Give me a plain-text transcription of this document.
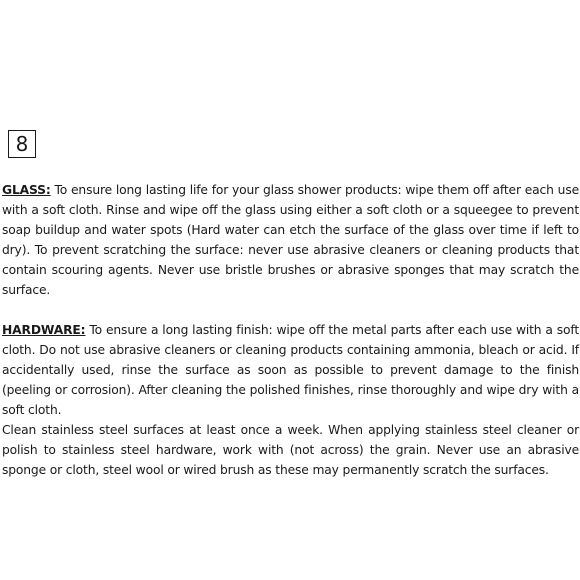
8

GLASS: To ensure long lasting life for your glass shower products: wipe them off after each use with a soft cloth. Rinse and wipe off the glass using either a soft cloth or a squeegee to prevent soap buildup and water spots (Hard water can etch the surface of the glass over time if left to dry). To prevent scratching the surface: never use abrasive cleaners or cleaning products that contain scouring agents. Never use bristle brushes or abrasive sponges that may scratch the surface.

HARDWARE: To ensure a long lasting finish: wipe off the metal parts after each use with a soft cloth. Do not use abrasive cleaners or cleaning products containing ammonia, bleach or acid. If accidentally used, rinse the surface as soon as possible to prevent damage to the finish (peeling or corrosion). After cleaning the polished finishes, rinse thoroughly and wipe dry with a soft cloth.

Clean stainless steel surfaces at least once a week. When applying stainless steel cleaner or polish to stainless steel hardware, work with (not across) the grain. Never use an abrasive sponge or cloth, steel wool or wired brush as these may permanently scratch the surfaces.
